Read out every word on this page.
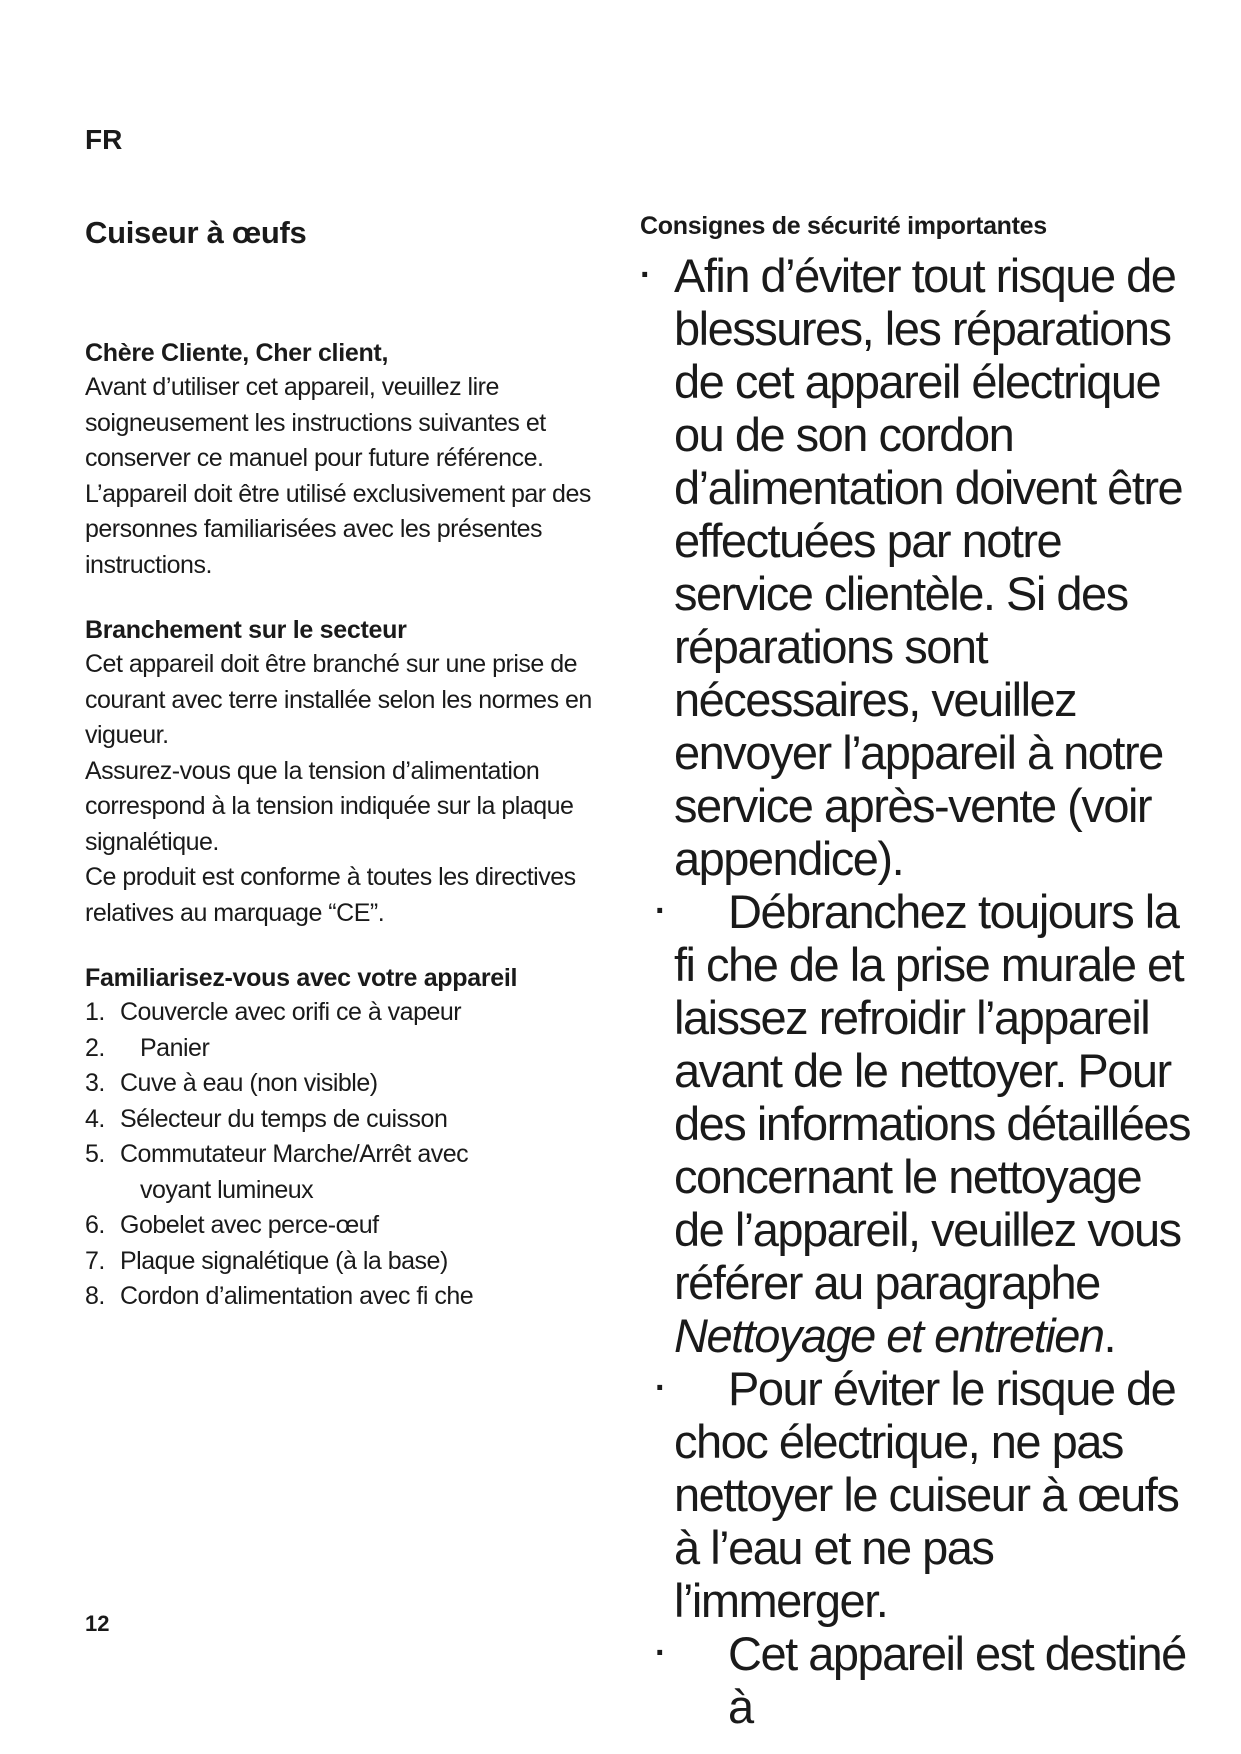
FR

Cuiseur à œufs
Chère Cliente, Cher client,

Avant d’utiliser cet appareil, veuillez lire soigneusement les instructions suivantes et conserver ce manuel pour future référence. L’appareil doit être utilisé exclusivement par des personnes familiarisées avec les présentes instructions.

Branchement sur le secteur

Cet appareil doit être branché sur une prise de courant avec terre installée selon les normes en vigueur.

Assurez-vous que la tension d’alimentation correspond à la tension indiquée sur la plaque signalétique.

Ce produit est conforme à toutes les directives relatives au marquage “CE”.

Familiarisez-vous avec votre appareil
1. Couvercle avec orifi ce à vapeur
2.	Panier
3. Cuve à eau (non visible)
4. Sélecteur du temps de cuisson
5. Commutateur Marche/Arrêt avec
voyant lumineux
6. Gobelet avec perce-œuf
7. Plaque signalétique (à la base)
8. Cordon d’alimentation avec fi che
Consignes de sécurité importantes
· Afin d’éviter tout risque de blessures, les réparations de cet appareil électrique ou de son cordon d’alimentation doivent être effectuées par notre service clientèle. Si des réparations sont nécessaires, veuillez envoyer l’appareil à notre service après-vente (voir appendice).
·	Débranchez toujours la
fi che de la prise murale et laissez refroidir l’appareil avant de le nettoyer. Pour des informations détaillées concernant le nettoyage de l’appareil, veuillez vous référer au paragraphe Nettoyage et entretien.
·	Pour éviter le risque de
choc électrique, ne pas nettoyer le cuiseur à œufs à l’eau et ne pas l’immerger.
·	Cet appareil est destiné à

12
